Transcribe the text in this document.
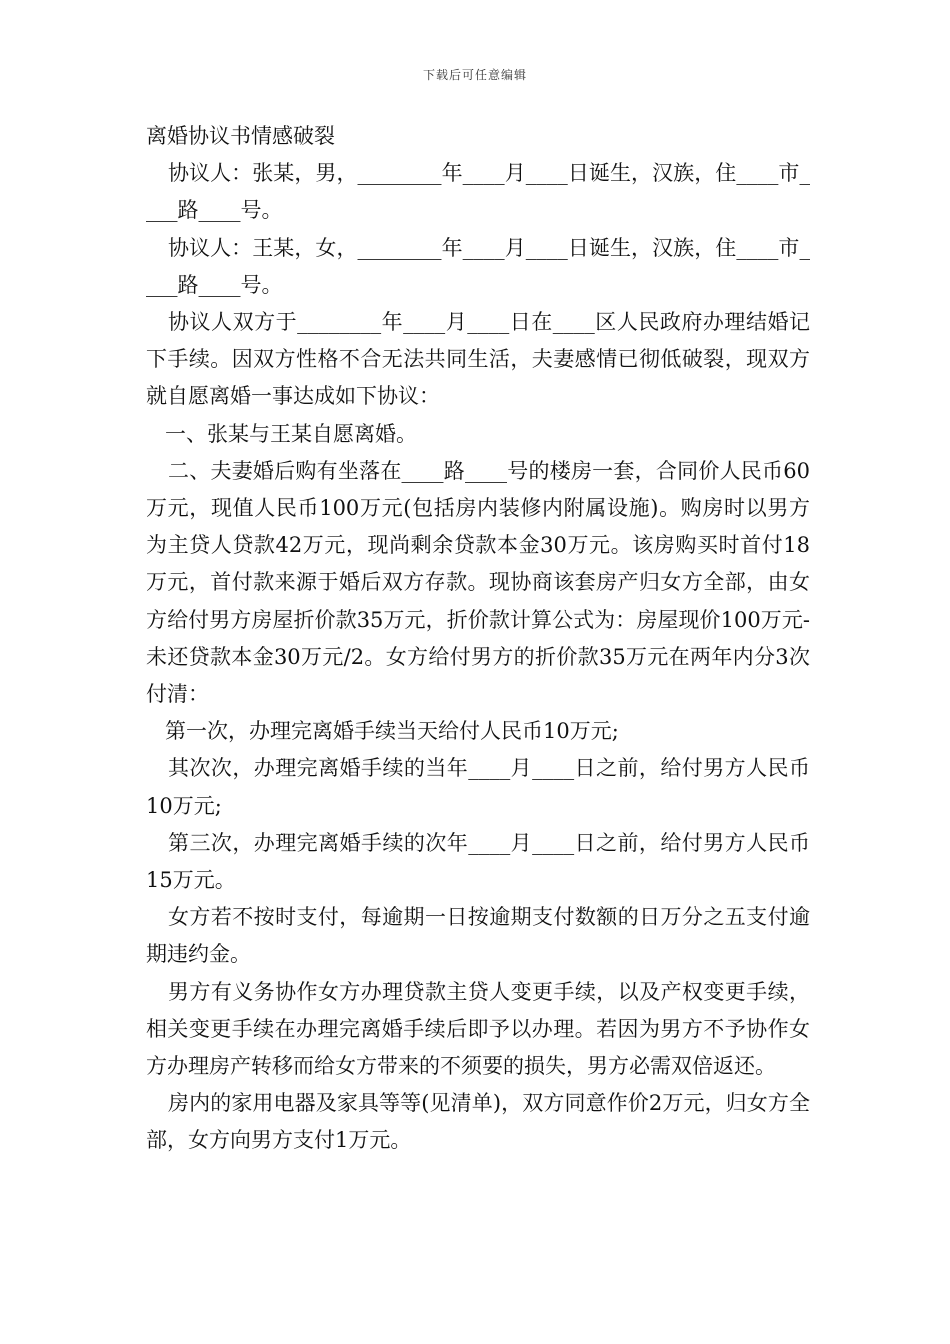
下载后可任意编辑

离婚协议书情感破裂

协议人：张某，男，________年____月____日诞生，汉族，住____市____路____号。

协议人：王某，女，________年____月____日诞生，汉族，住____市____路____号。

协议人双方于________年____月____日在____区人民政府办理结婚记下手续。因双方性格不合无法共同生活，夫妻感情已彻低破裂，现双方就自愿离婚一事达成如下协议：

一、张某与王某自愿离婚。

二、夫妻婚后购有坐落在____路____号的楼房一套，合同价人民币60万元，现值人民币100万元(包括房内装修内附属设施)。购房时以男方为主贷人贷款42万元，现尚剩余贷款本金30万元。该房购买时首付18万元，首付款来源于婚后双方存款。现协商该套房产归女方全部，由女方给付男方房屋折价款35万元，折价款计算公式为：房屋现价100万元-未还贷款本金30万元/2。女方给付男方的折价款35万元在两年内分3次付清：

第一次，办理完离婚手续当天给付人民币10万元;

其次次，办理完离婚手续的当年____月____日之前，给付男方人民币10万元;

第三次，办理完离婚手续的次年____月____日之前，给付男方人民币15万元。

女方若不按时支付，每逾期一日按逾期支付数额的日万分之五支付逾期违约金。

男方有义务协作女方办理贷款主贷人变更手续，以及产权变更手续，相关变更手续在办理完离婚手续后即予以办理。若因为男方不予协作女方办理房产转移而给女方带来的不须要的损失，男方必需双倍返还。

房内的家用电器及家具等等(见清单)，双方同意作价2万元，归女方全部，女方向男方支付1万元。
